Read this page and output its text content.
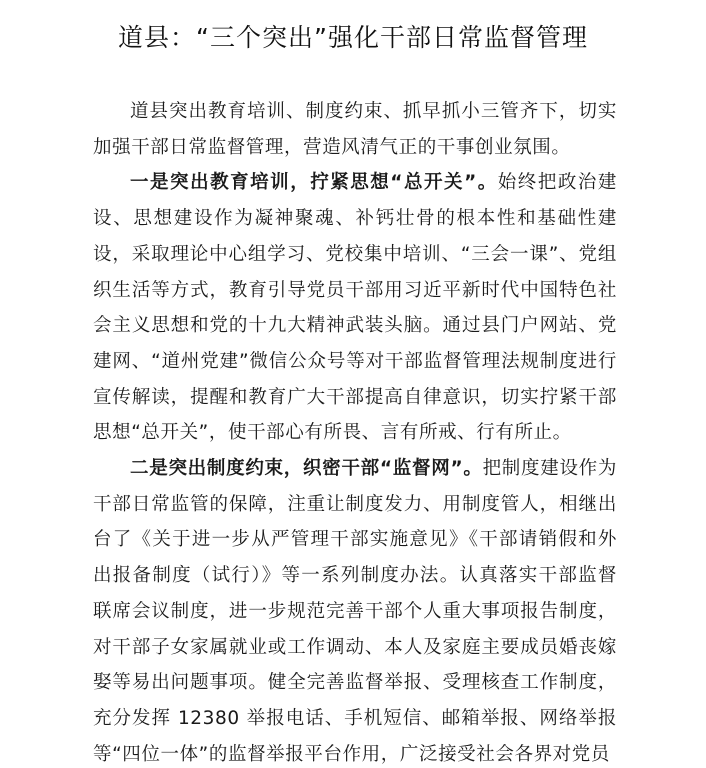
道县：“三个突出”强化干部日常监督管理

道县突出教育培训、制度约束、抓早抓小三管齐下，切实加强干部日常监督管理，营造风清气正的干事创业氛围。

一是突出教育培训，拧紧思想“总开关”。始终把政治建设、思想建设作为凝神聚魂、补钙壮骨的根本性和基础性建设，采取理论中心组学习、党校集中培训、“三会一课”、党组织生活等方式，教育引导党员干部用习近平新时代中国特色社会主义思想和党的十九大精神武装头脑。通过县门户网站、党建网、“道州党建”微信公众号等对干部监督管理法规制度进行宣传解读，提醒和教育广大干部提高自律意识，切实拧紧干部思想“总开关”，使干部心有所畏、言有所戒、行有所止。

二是突出制度约束，织密干部“监督网”。把制度建设作为干部日常监管的保障，注重让制度发力、用制度管人，相继出台了《关于进一步从严管理干部实施意见》《干部请销假和外出报备制度（试行）》等一系列制度办法。认真落实干部监督联席会议制度，进一步规范完善干部个人重大事项报告制度，对干部子女家属就业或工作调动、本人及家庭主要成员婚丧嫁娶等易出问题事项。健全完善监督举报、受理核查工作制度，充分发挥 12380 举报电话、手机短信、邮箱举报、网络举报等“四位一体”的监督举报平台作用，广泛接受社会各界对党员
